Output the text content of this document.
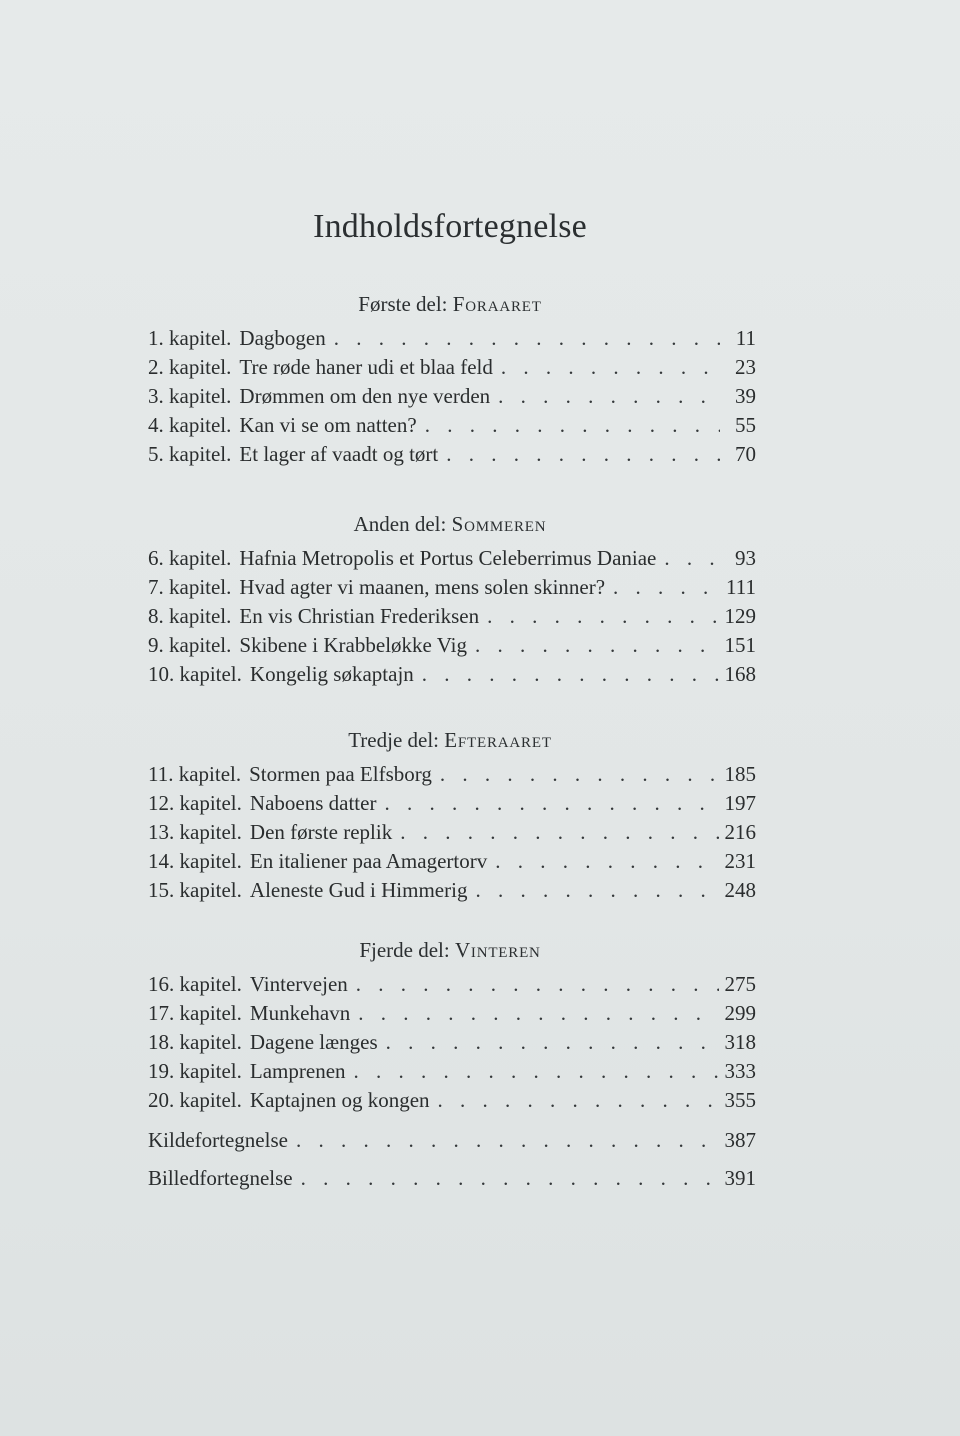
Indholdsfortegnelse
Første del: Foraaret
1. kapitel. Dagbogen . . .	11
2. kapitel. Tre røde haner udi et blaa feld . . .	23
3. kapitel. Drømmen om den nye verden . . .	39
4. kapitel. Kan vi se om natten? . . .	55
5. kapitel. Et lager af vaadt og tørt . . .	70
Anden del: Sommeren
6. kapitel. Hafnia Metropolis et Portus Celeberrimus Daniae . . .	93
7. kapitel. Hvad agter vi maanen, mens solen skinner? . . .	111
8. kapitel. En vis Christian Frederiksen . . .	129
9. kapitel. Skibene i Krabbeløkke Vig . . .	151
10. kapitel. Kongelig søkaptajn . . .	168
Tredje del: Efteraaret
11. kapitel. Stormen paa Elfsborg . . .	185
12. kapitel. Naboens datter . . .	197
13. kapitel. Den første replik . . .	216
14. kapitel. En italiener paa Amagertorv . . .	231
15. kapitel. Aleneste Gud i Himmerig . . .	248
Fjerde del: Vinteren
16. kapitel. Vintervejen . . .	275
17. kapitel. Munkehavn . . .	299
18. kapitel. Dagene længes . . .	318
19. kapitel. Lamprenen . . .	333
20. kapitel. Kaptajnen og kongen . . .	355
Kildefortegnelse . . .	387
Billedfortegnelse . . .	391
